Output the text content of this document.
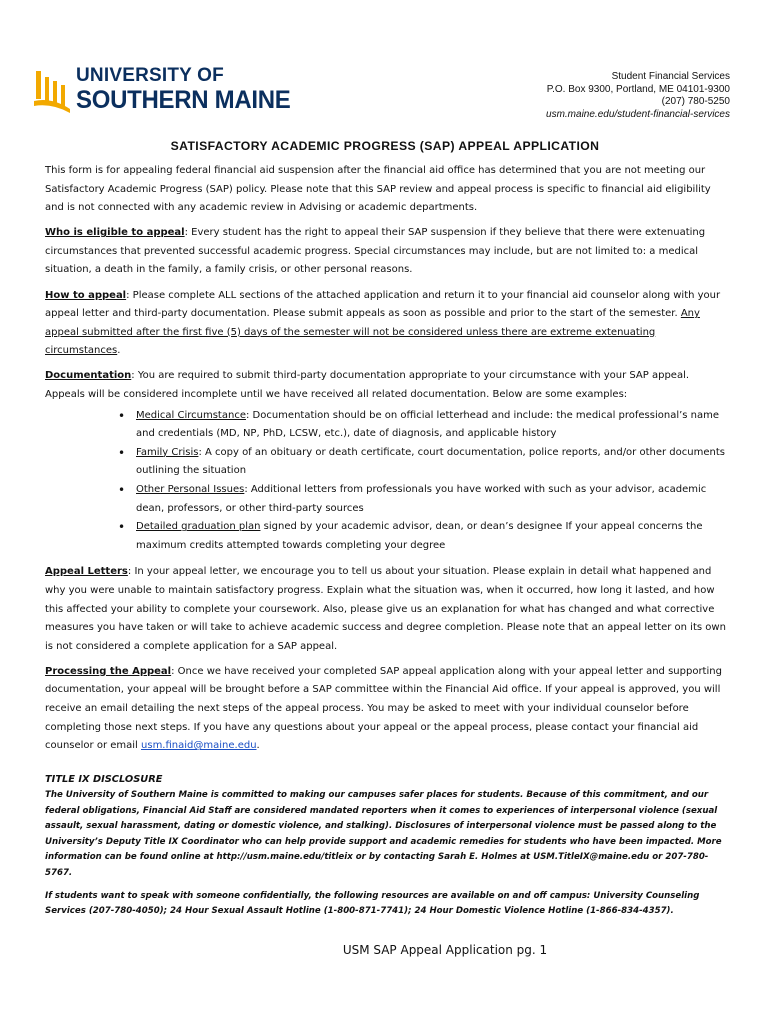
UNIVERSITY OF
SOUTHERN MAINE
Student Financial Services
P.O. Box 9300, Portland, ME 04101-9300
(207) 780-5250
usm.maine.edu/student-financial-services
SATISFACTORY ACADEMIC PROGRESS (SAP) APPEAL APPLICATION

This form is for appealing federal financial aid suspension after the financial aid office has determined that you are not meeting our Satisfactory Academic Progress (SAP) policy. Please note that this SAP review and appeal process is specific to financial aid eligibility and is not connected with any academic review in Advising or academic departments.

Who is eligible to appeal: Every student has the right to appeal their SAP suspension if they believe that there were extenuating circumstances that prevented successful academic progress. Special circumstances may include, but are not limited to: a medical situation, a death in the family, a family crisis, or other personal reasons.

How to appeal: Please complete ALL sections of the attached application and return it to your financial aid counselor along with your appeal letter and third-party documentation. Please submit appeals as soon as possible and prior to the start of the semester. Any appeal submitted after the first five (5) days of the semester will not be considered unless there are extreme extenuating circumstances.

Documentation: You are required to submit third-party documentation appropriate to your circumstance with your SAP appeal. Appeals will be considered incomplete until we have received all related documentation. Below are some examples:

• Medical Circumstance: Documentation should be on official letterhead and include: the medical professional’s name and credentials (MD, NP, PhD, LCSW, etc.), date of diagnosis, and applicable history
• Family Crisis: A copy of an obituary or death certificate, court documentation, police reports, and/or other documents outlining the situation
• Other Personal Issues: Additional letters from professionals you have worked with such as your advisor, academic dean, professors, or other third-party sources
• Detailed graduation plan signed by your academic advisor, dean, or dean’s designee If your appeal concerns the maximum credits attempted towards completing your degree

Appeal Letters: In your appeal letter, we encourage you to tell us about your situation. Please explain in detail what happened and why you were unable to maintain satisfactory progress. Explain what the situation was, when it occurred, how long it lasted, and how this affected your ability to complete your coursework. Also, please give us an explanation for what has changed and what corrective measures you have taken or will take to achieve academic success and degree completion. Please note that an appeal letter on its own is not considered a complete application for a SAP appeal.

Processing the Appeal: Once we have received your completed SAP appeal application along with your appeal letter and supporting documentation, your appeal will be brought before a SAP committee within the Financial Aid office. If your appeal is approved, you will receive an email detailing the next steps of the appeal process. You may be asked to meet with your individual counselor before completing those next steps. If you have any questions about your appeal or the appeal process, please contact your financial aid counselor or email usm.finaid@maine.edu.

TITLE IX DISCLOSURE

The University of Southern Maine is committed to making our campuses safer places for students. Because of this commitment, and our federal obligations, Financial Aid Staff are considered mandated reporters when it comes to experiences of interpersonal violence (sexual assault, sexual harassment, dating or domestic violence, and stalking). Disclosures of interpersonal violence must be passed along to the University’s Deputy Title IX Coordinator who can help provide support and academic remedies for students who have been impacted. More information can be found online at http://usm.maine.edu/titleix or by contacting Sarah E. Holmes at USM.TitleIX@maine.edu or 207-780-5767.

If students want to speak with someone confidentially, the following resources are available on and off campus: University Counseling Services (207-780-4050); 24 Hour Sexual Assault Hotline (1-800-871-7741); 24 Hour Domestic Violence Hotline (1-866-834-4357).

USM SAP Appeal Application pg. 1
